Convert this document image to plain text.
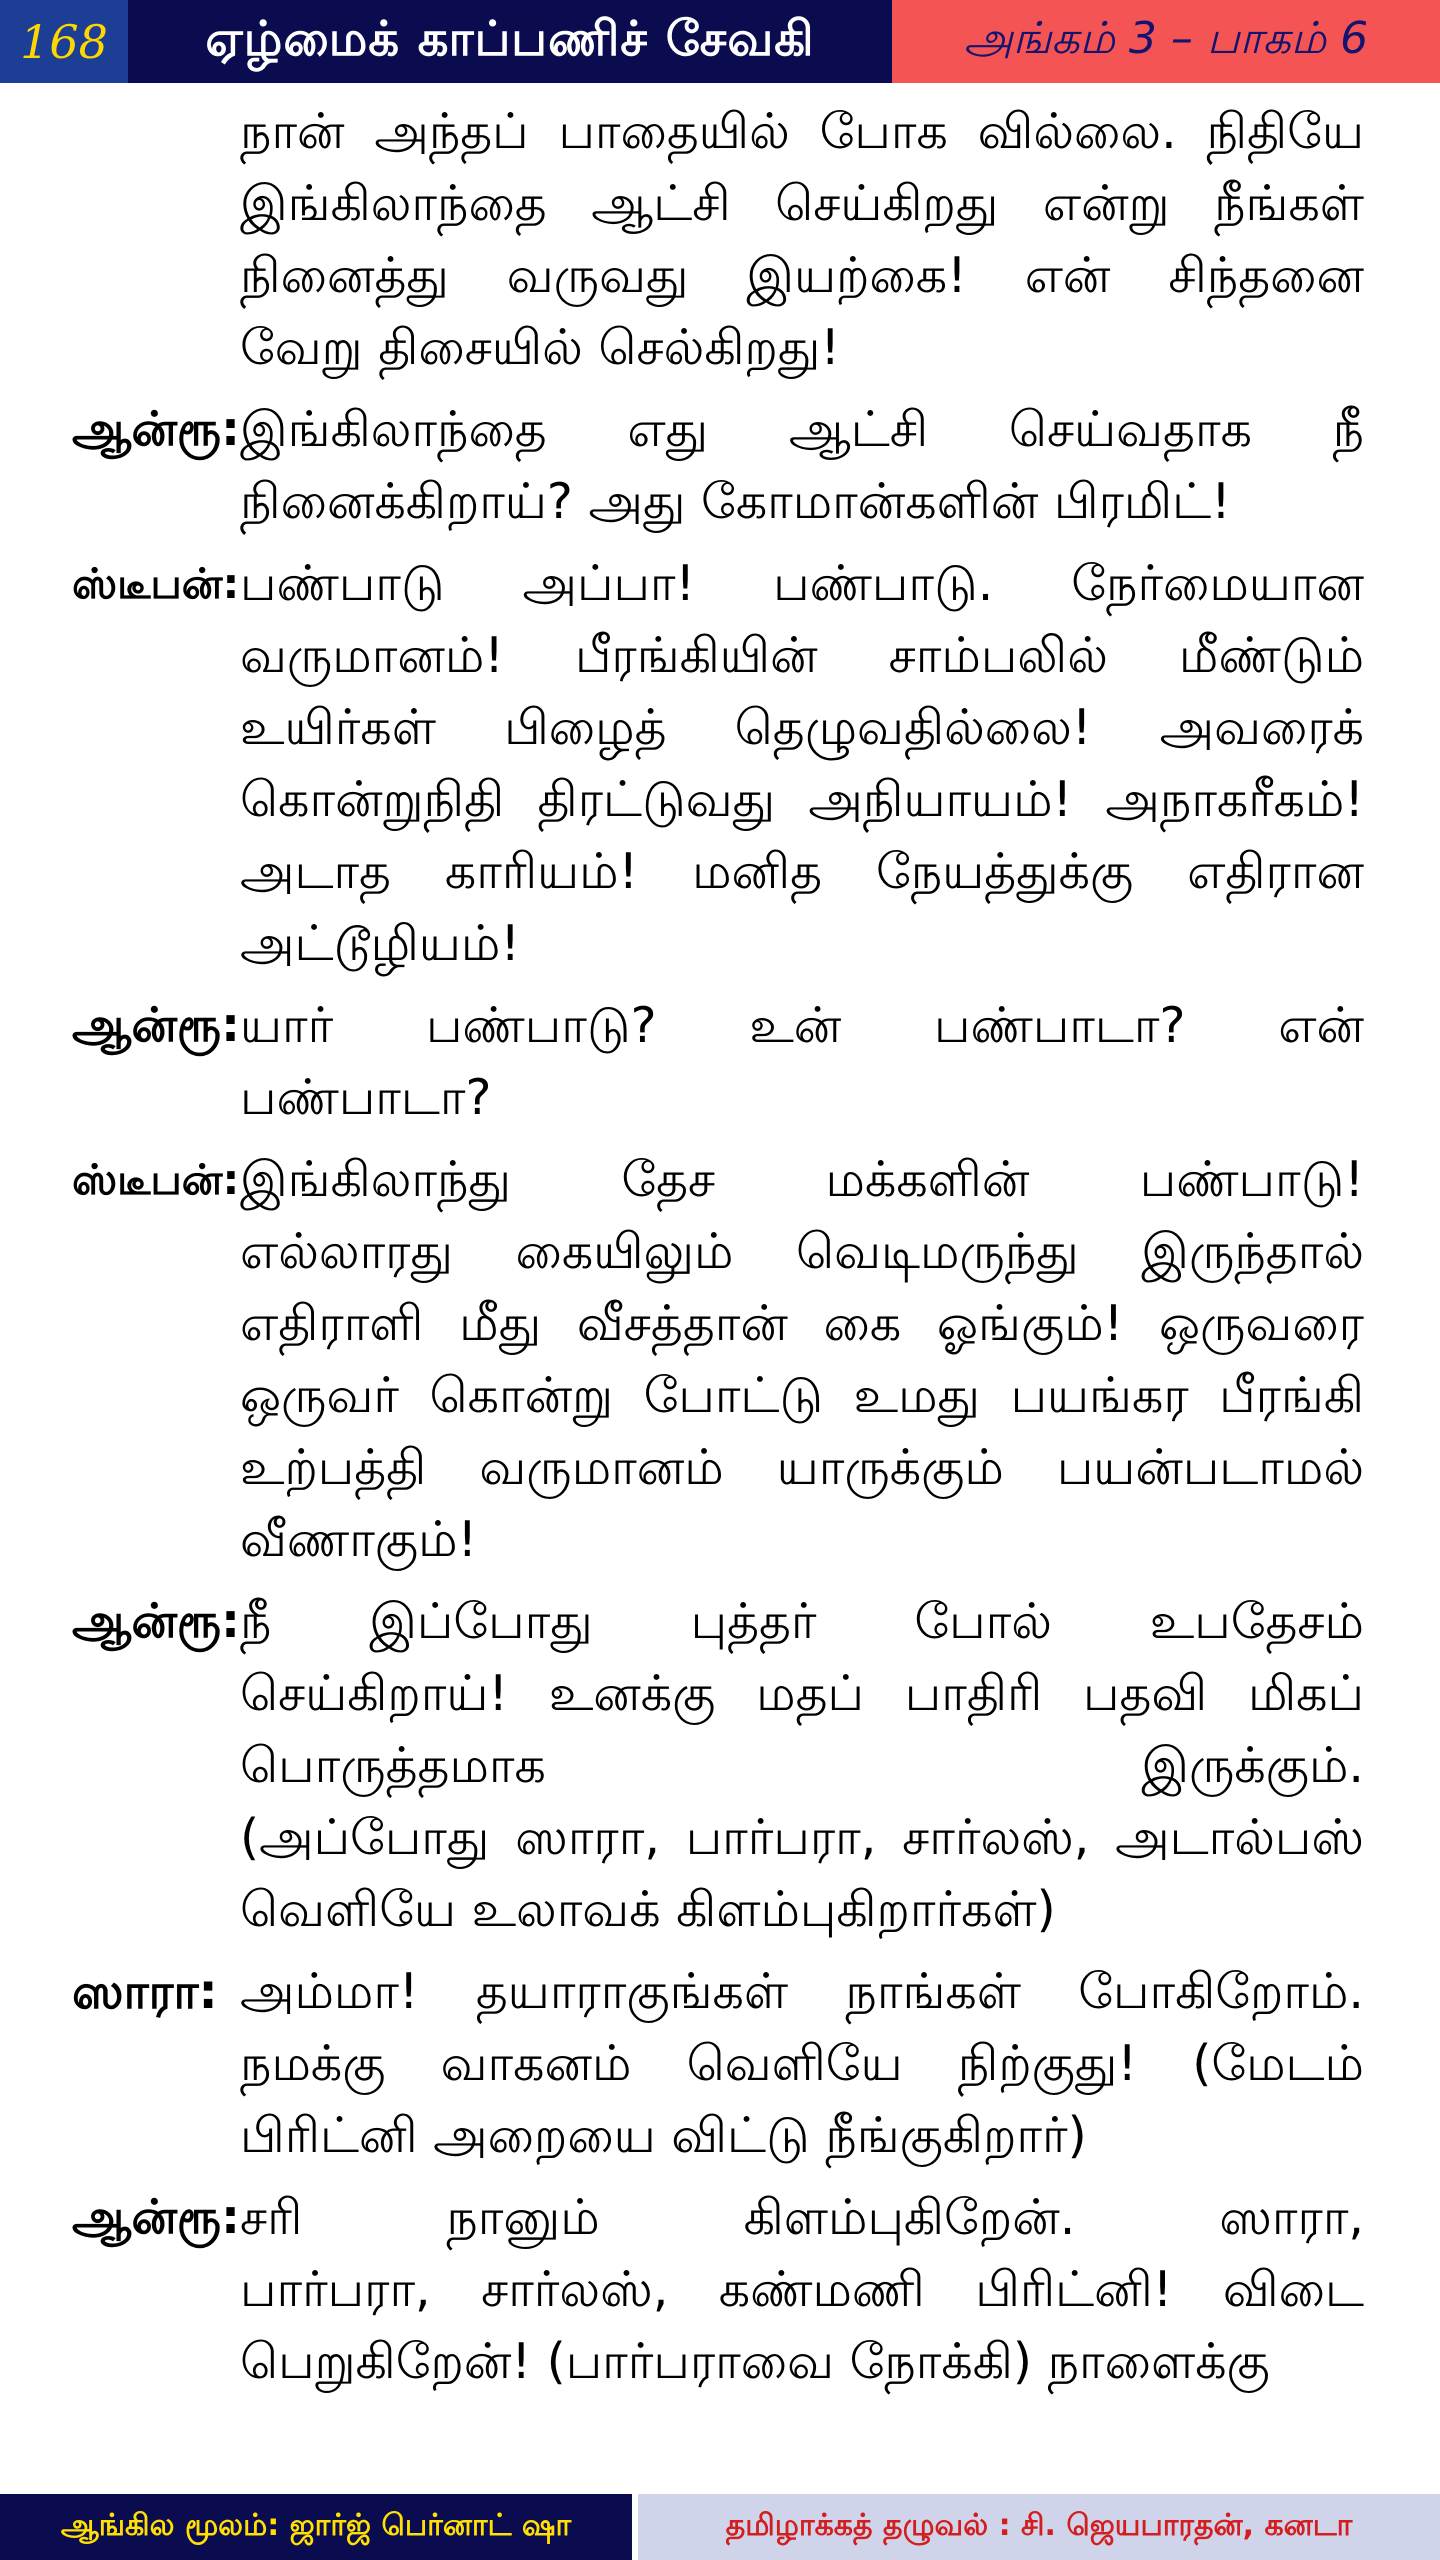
168	ஏழ்மைக் காப்பணிச் சேவகி	அங்கம் 3 – பாகம் 6
நான் அந்தப் பாதையில் போக வில்லை. நிதியே
இங்கிலாந்தை ஆட்சி செய்கிறது என்று நீங்கள்
நினைத்து வருவது இயற்கை! என் சிந்தனை
வேறு திசையில் செல்கிறது!
ஆன்ரூ: இங்கிலாந்தை எது ஆட்சி செய்வதாக நீ
நினைக்கிறாய்? அது கோமான்களின் பிரமிட்!
ஸ்டீபன்: பண்பாடு அப்பா! பண்பாடு. நேர்மையான
வருமானம்! பீரங்கியின் சாம்பலில் மீண்டும்
உயிர்கள் பிழைத் தெழுவதில்லை! அவரைக்
கொன்றுநிதி திரட்டுவது அநியாயம்! அநாகரீகம்!
அடாத காரியம்! மனித நேயத்துக்கு எதிரான
அட்டூழியம்!
ஆன்ரூ: யார் பண்பாடு? உன் பண்பாடா? என்
பண்பாடா?
ஸ்டீபன்: இங்கிலாந்து தேச மக்களின் பண்பாடு!
எல்லாரது கையிலும் வெடிமருந்து இருந்தால்
எதிராளி மீது வீசத்தான் கை ஓங்கும்! ஒருவரை
ஒருவர் கொன்று போட்டு உமது பயங்கர பீரங்கி
உற்பத்தி வருமானம் யாருக்கும் பயன்படாமல்
வீணாகும்!
ஆன்ரூ: நீ இப்போது புத்தர் போல் உபதேசம்
செய்கிறாய்! உனக்கு மதப் பாதிரி பதவி மிகப்
பொருத்தமாக இருக்கும்.
(அப்போது ஸாரா, பார்பரா, சார்லஸ், அடால்பஸ்
வெளியே உலாவக் கிளம்புகிறார்கள்)
ஸாரா: அம்மா! தயாராகுங்கள் நாங்கள் போகிறோம்.
நமக்கு வாகனம் வெளியே நிற்குது! (மேடம்
பிரிட்னி அறையை விட்டு நீங்குகிறார்)
ஆன்ரூ: சரி நானும் கிளம்புகிறேன். ஸாரா,
பார்பரா, சார்லஸ், கண்மணி பிரிட்னி! விடை
பெறுகிறேன்! (பார்பராவை நோக்கி) நாளைக்கு
ஆங்கில மூலம்: ஜார்ஜ் பெர்னாட் ஷா	தமிழாக்கத் தழுவல் : சி. ஜெயபாரதன், கனடா
